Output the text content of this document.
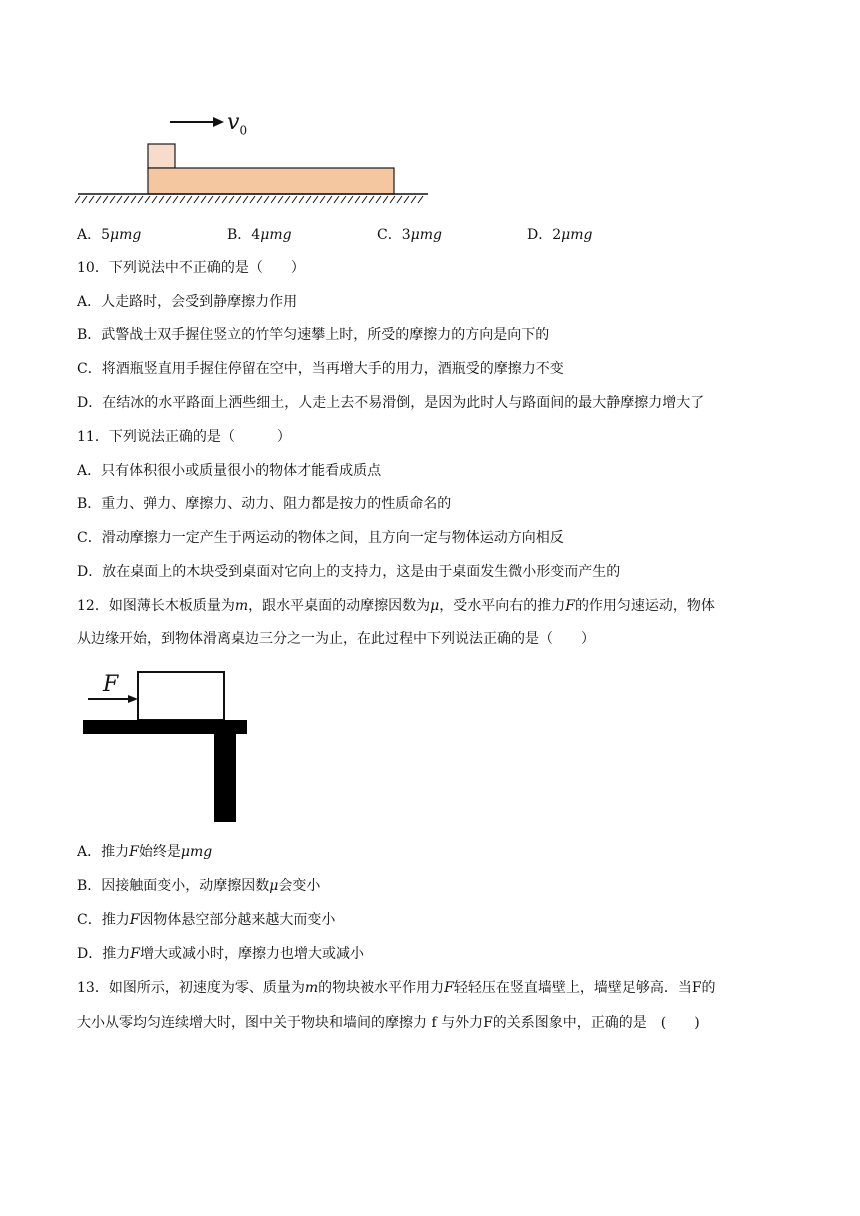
$v_0$
A．5μmg	B．4μmg	C．3μmg	D．2μmg
10．下列说法中不正确的是（　　）
A．人走路时，会受到静摩擦力作用
B．武警战士双手握住竖立的竹竿匀速攀上时，所受的摩擦力的方向是向下的
C．将酒瓶竖直用手握住停留在空中，当再增大手的用力，酒瓶受的摩擦力不变
D．在结冰的水平路面上洒些细土，人走上去不易滑倒，是因为此时人与路面间的最大静摩擦力增大了
11．下列说法正确的是（　　　）
A．只有体积很小或质量很小的物体才能看成质点
B．重力、弹力、摩擦力、动力、阻力都是按力的性质命名的
C．滑动摩擦力一定产生于两运动的物体之间，且方向一定与物体运动方向相反
D．放在桌面上的木块受到桌面对它向上的支持力，这是由于桌面发生微小形变而产生的
12．如图薄长木板质量为m，跟水平桌面的动摩擦因数为μ，受水平向右的推力F的作用匀速运动，物体
从边缘开始，到物体滑离桌边三分之一为止，在此过程中下列说法正确的是（　　）
F
A．推力F始终是μmg
B．因接触面变小，动摩擦因数μ会变小
C．推力F因物体悬空部分越来越大而变小
D．推力F增大或减小时，摩擦力也增大或减小
13．如图所示，初速度为零、质量为m的物块被水平作用力F轻轻压在竖直墙壁上，墙壁足够高．当F的
大小从零均匀连续增大时，图中关于物块和墙间的摩擦力 f 与外力F的关系图象中，正确的是　(　　)
